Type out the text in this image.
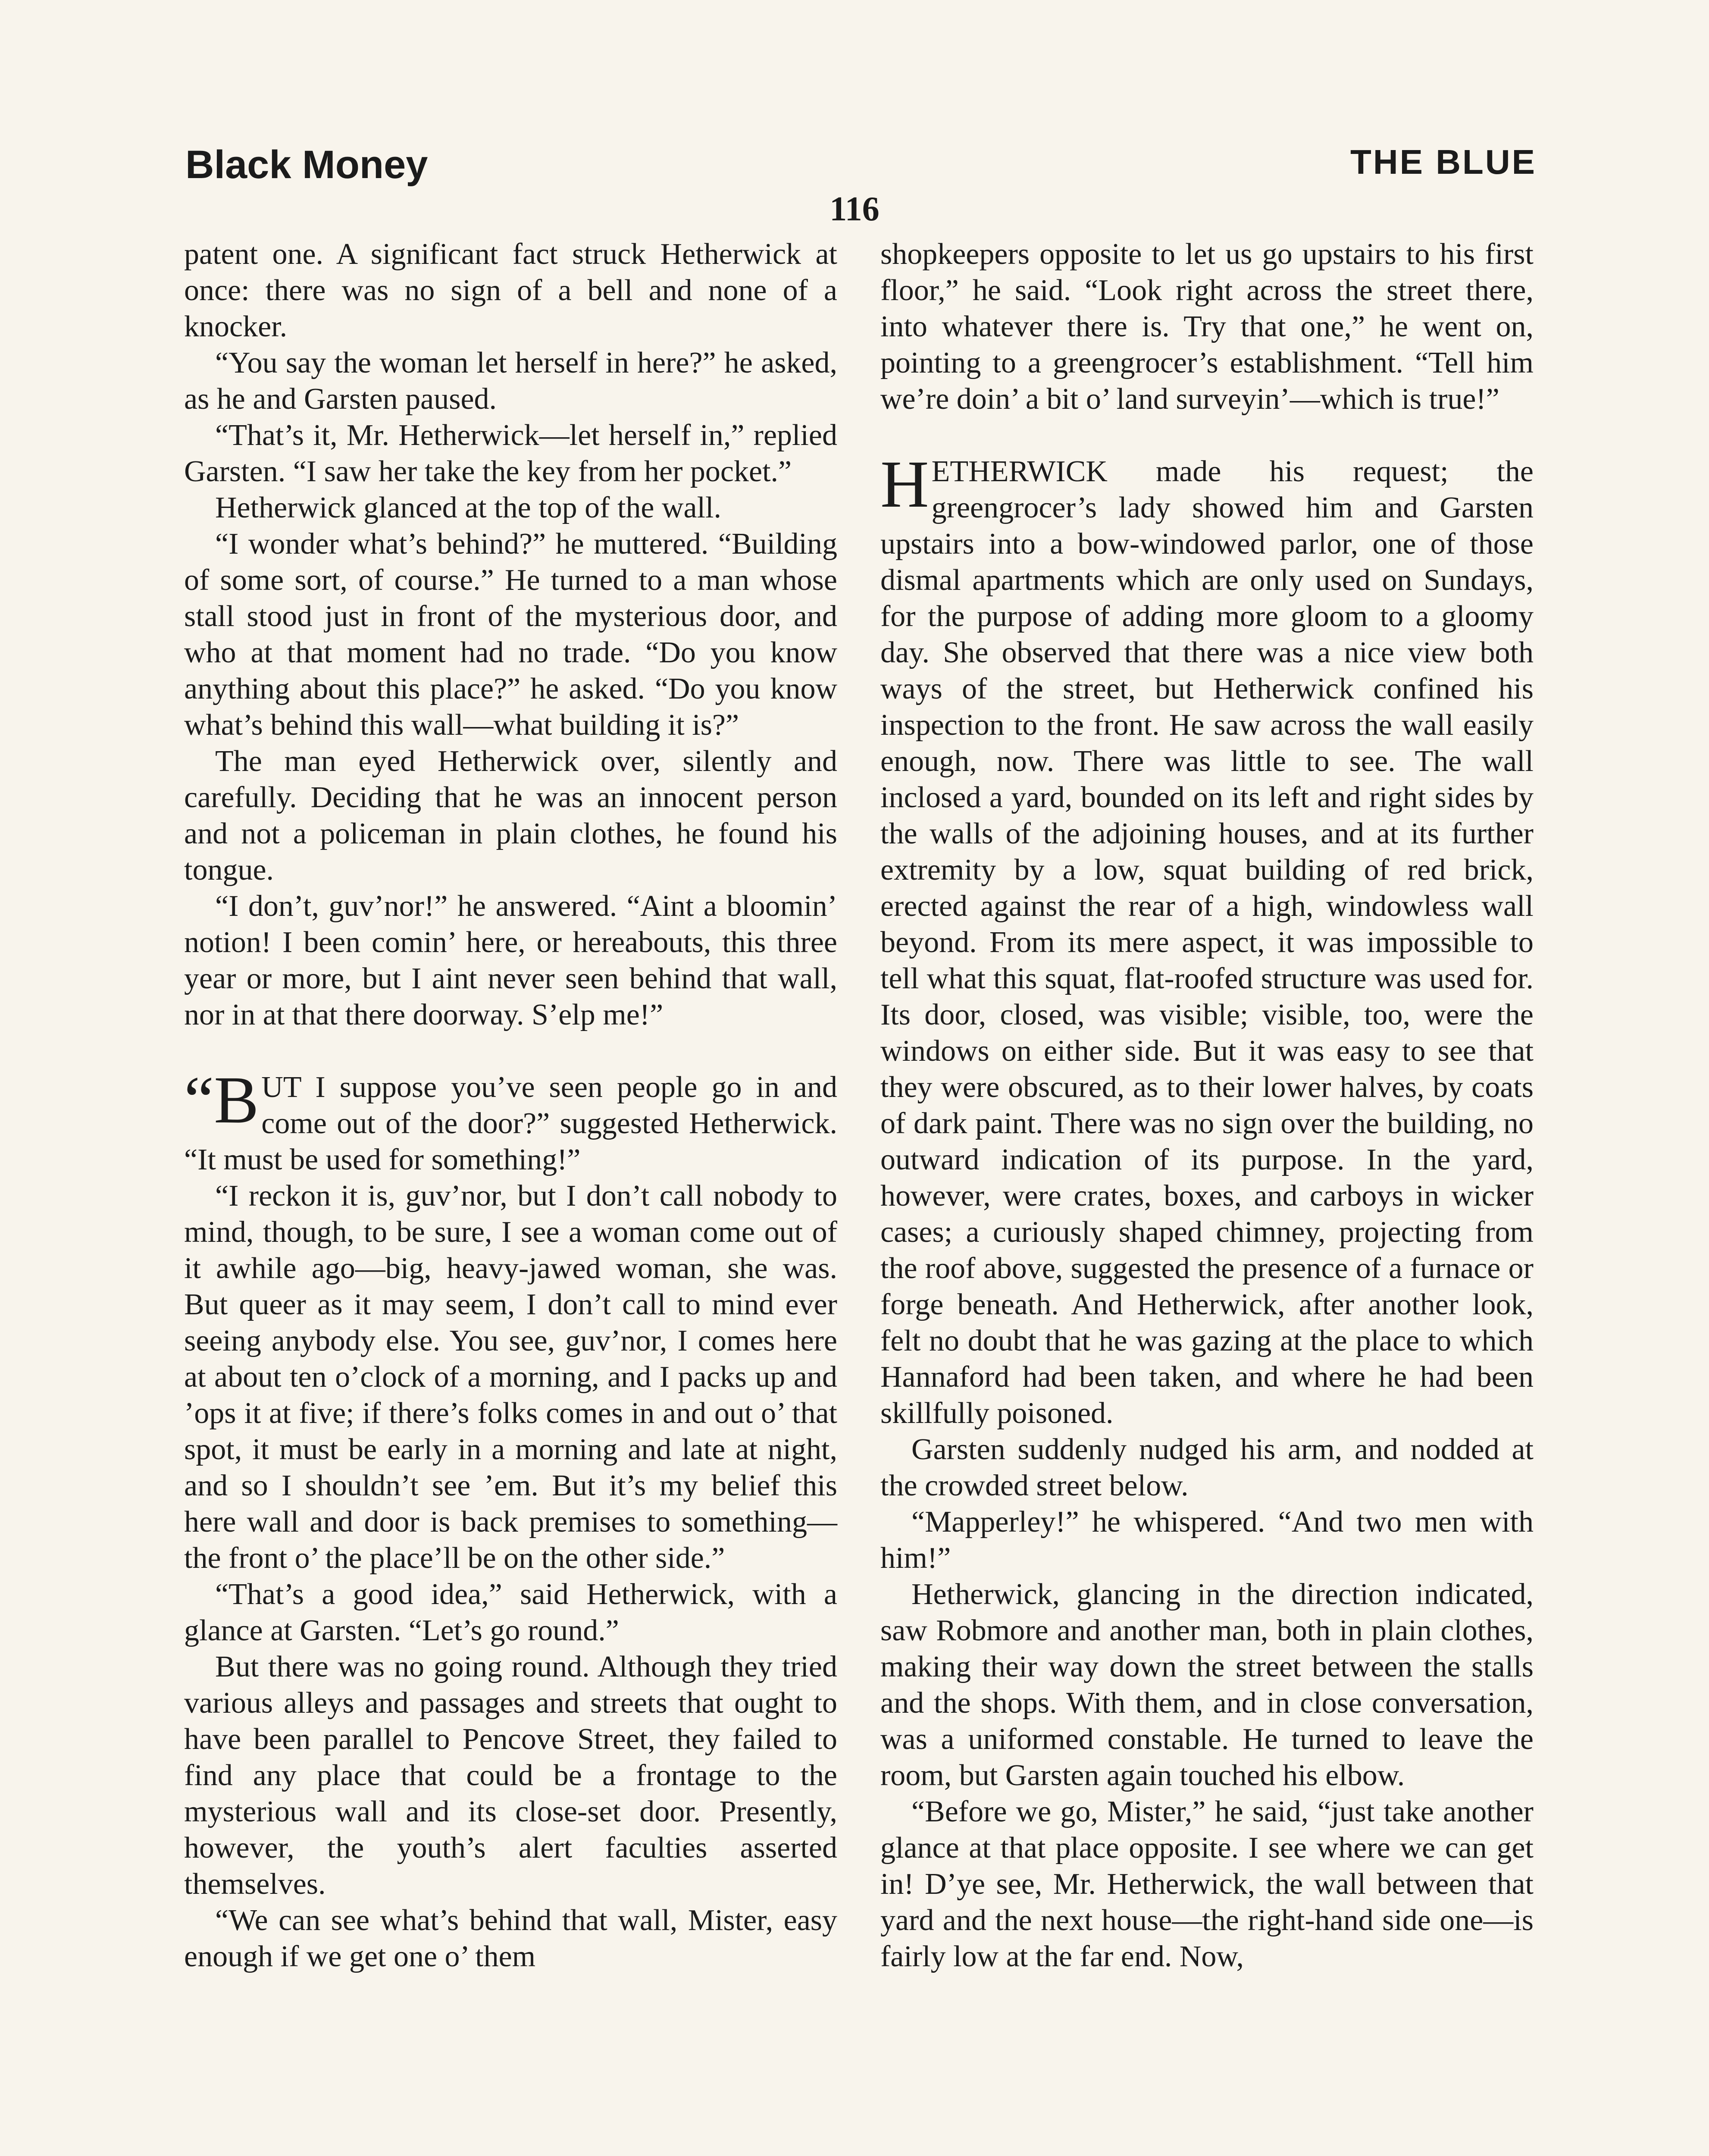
Black Money	THE BLUE
116

patent one. A significant fact struck Hetherwick at once: there was no sign of a bell and none of a knocker.

“You say the woman let herself in here?” he asked, as he and Garsten paused.

“That’s it, Mr. Hetherwick—let herself in,” replied Garsten. “I saw her take the key from her pocket.”

Hetherwick glanced at the top of the wall.

“I wonder what’s behind?” he muttered. “Building of some sort, of course.” He turned to a man whose stall stood just in front of the mysterious door, and who at that moment had no trade. “Do you know anything about this place?” he asked. “Do you know what’s behind this wall—what building it is?”

The man eyed Hetherwick over, silently and carefully. Deciding that he was an innocent person and not a policeman in plain clothes, he found his tongue.

“I don’t, guv’nor!” he answered. “Aint a bloomin’ notion! I been comin’ here, or hereabouts, this three year or more, but I aint never seen behind that wall, nor in at that there doorway. S’elp me!”

“BUT I suppose you’ve seen people go in and come out of the door?” suggested Hetherwick. “It must be used for something!”

“I reckon it is, guv’nor, but I don’t call nobody to mind, though, to be sure, I see a woman come out of it awhile ago—big, heavy-jawed woman, she was. But queer as it may seem, I don’t call to mind ever seeing anybody else. You see, guv’nor, I comes here at about ten o’clock of a morning, and I packs up and ’ops it at five; if there’s folks comes in and out o’ that spot, it must be early in a morning and late at night, and so I shouldn’t see ’em. But it’s my belief this here wall and door is back premises to something—the front o’ the place’ll be on the other side.”

“That’s a good idea,” said Hetherwick, with a glance at Garsten. “Let’s go round.”

But there was no going round. Although they tried various alleys and passages and streets that ought to have been parallel to Pencove Street, they failed to find any place that could be a frontage to the mysterious wall and its close-set door. Presently, however, the youth’s alert faculties asserted themselves.

“We can see what’s behind that wall, Mister, easy enough if we get one o’ them

shopkeepers opposite to let us go upstairs to his first floor,” he said. “Look right across the street there, into whatever there is. Try that one,” he went on, pointing to a greengrocer’s establishment. “Tell him we’re doin’ a bit o’ land surveyin’—which is true!”

HETHERWICK made his request; the greengrocer’s lady showed him and Garsten upstairs into a bow-windowed parlor, one of those dismal apartments which are only used on Sundays, for the purpose of adding more gloom to a gloomy day. She observed that there was a nice view both ways of the street, but Hetherwick confined his inspection to the front. He saw across the wall easily enough, now. There was little to see. The wall inclosed a yard, bounded on its left and right sides by the walls of the adjoining houses, and at its further extremity by a low, squat building of red brick, erected against the rear of a high, windowless wall beyond. From its mere aspect, it was impossible to tell what this squat, flat-roofed structure was used for. Its door, closed, was visible; visible, too, were the windows on either side. But it was easy to see that they were obscured, as to their lower halves, by coats of dark paint. There was no sign over the building, no outward indication of its purpose. In the yard, however, were crates, boxes, and carboys in wicker cases; a curiously shaped chimney, projecting from the roof above, suggested the presence of a furnace or forge beneath. And Hetherwick, after another look, felt no doubt that he was gazing at the place to which Hannaford had been taken, and where he had been skillfully poisoned.

Garsten suddenly nudged his arm, and nodded at the crowded street below.

“Mapperley!” he whispered. “And two men with him!”

Hetherwick, glancing in the direction indicated, saw Robmore and another man, both in plain clothes, making their way down the street between the stalls and the shops. With them, and in close conversation, was a uniformed constable. He turned to leave the room, but Garsten again touched his elbow.

“Before we go, Mister,” he said, “just take another glance at that place opposite. I see where we can get in! D’ye see, Mr. Hetherwick, the wall between that yard and the next house—the right-hand side one—is fairly low at the far end. Now,
